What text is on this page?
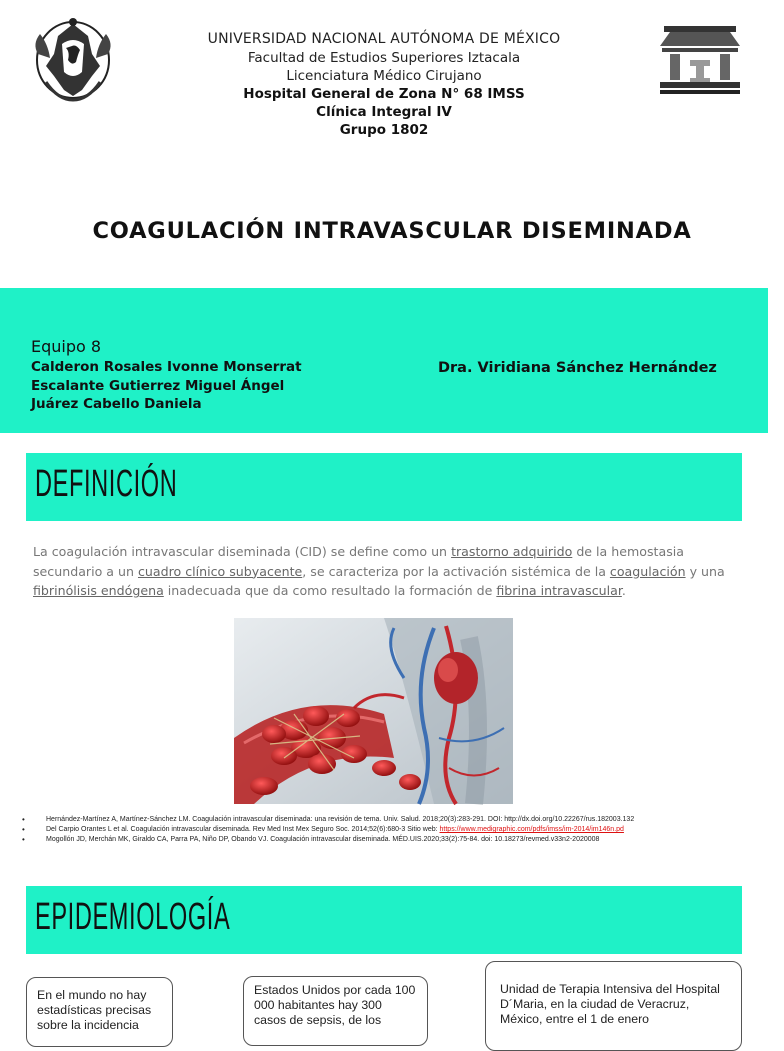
UNIVERSIDAD NACIONAL AUTÓNOMA DE MÉXICO
Facultad de Estudios Superiores Iztacala
Licenciatura Médico Cirujano
Hospital General de Zona N° 68 IMSS
Clínica Integral IV
Grupo 1802
COAGULACIÓN INTRAVASCULAR DISEMINADA
Equipo 8
Calderon Rosales Ivonne Monserrat
Escalante Gutierrez Miguel Ángel
Juárez Cabello Daniela
Dra. Viridiana Sánchez Hernández
DEFINICIÓN

La coagulación intravascular diseminada (CID) se define como un trastorno adquirido de la hemostasia secundario a un cuadro clínico subyacente, se caracteriza por la activación sistémica de la coagulación y una fibrinólisis endógena inadecuada que da como resultado la formación de fibrina intravascular.

• Hernández-Martínez A, Martínez-Sánchez LM. Coagulación intravascular diseminada: una revisión de tema. Univ. Salud. 2018;20(3):283-291. DOI: http://dx.doi.org/10.22267/rus.182003.132
• Del Carpio Orantes L et al. Coagulación intravascular diseminada. Rev Med Inst Mex Seguro Soc. 2014;52(6):680-3 Sitio web: https://www.medigraphic.com/pdfs/imss/im-2014/im146n.pd
• Mogollón JD, Merchán MK, Giraldo CA, Parra PA, Niño DP, Obando VJ. Coagulación intravascular diseminada. MÉD.UIS.2020;33(2):75-84. doi: 10.18273/revmed.v33n2-2020008
EPIDEMIOLOGÍA
En el mundo no hay estadísticas precisas sobre la incidencia
Estados Unidos por cada 100 000 habitantes hay 300 casos de sepsis, de los
Unidad de Terapia Intensiva del Hospital D´Maria, en la ciudad de Veracruz, México, entre el 1 de enero
